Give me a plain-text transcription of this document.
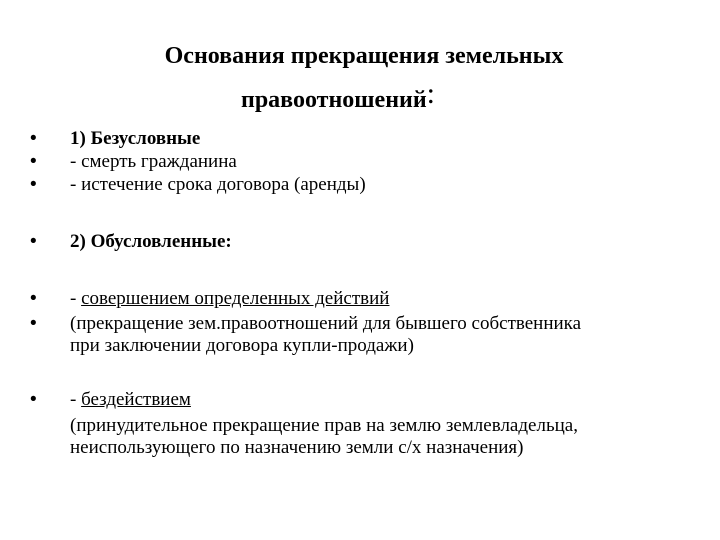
Основания прекращения земельных
правоотношений:
• 1) Безусловные
• - смерть гражданина
• - истечение срока договора (аренды)
• 2) Обусловленные:
• - совершением определенных действий
• (прекращение зем.правоотношений для бывшего собственника
при заключении договора купли-продажи)
• - бездействием
(принудительное прекращение прав на землю землевладельца,
неиспользующего по назначению земли с/х назначения)
